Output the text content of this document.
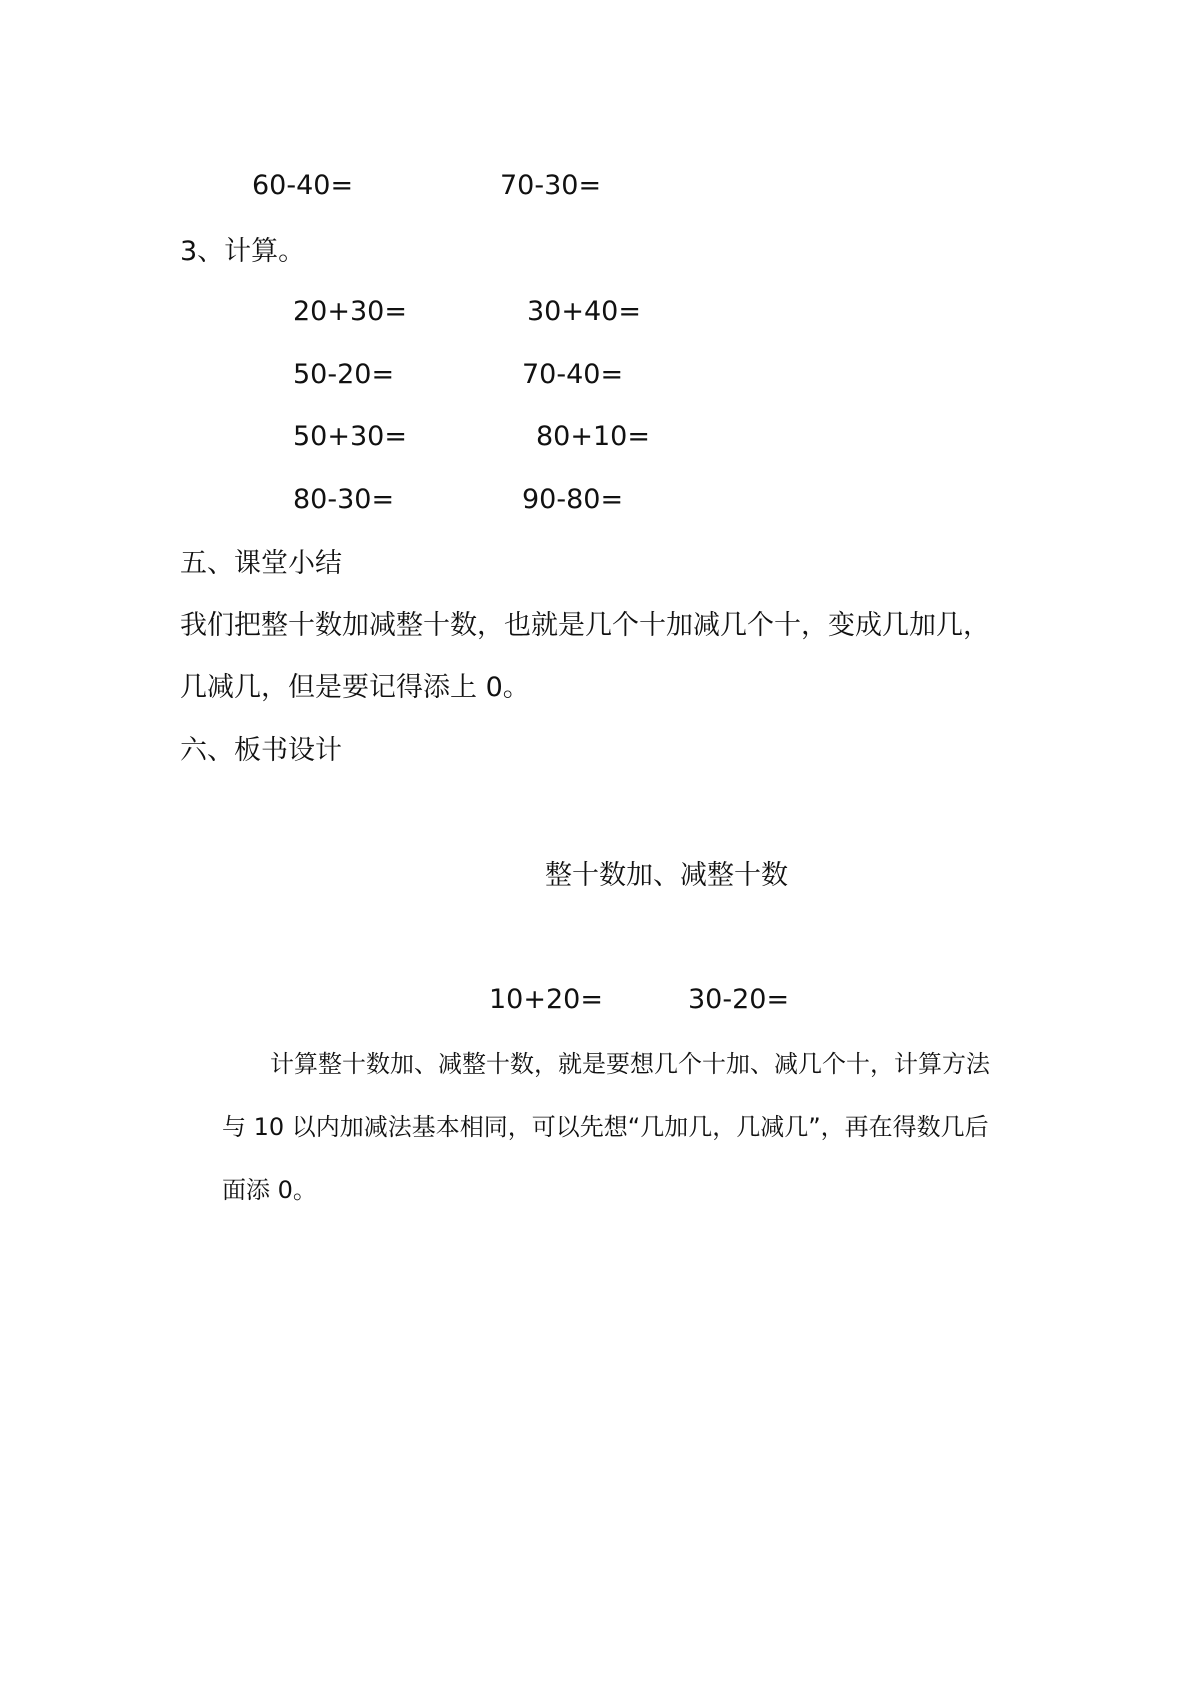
60-40=	70-30=
3、计算。
20+30=	30+40=
50-20=	70-40=
50+30=	80+10=
80-30=	90-80=
五、课堂小结
我们把整十数加减整十数，也就是几个十加减几个十，变成几加几，
几减几，但是要记得添上 0。
六、板书设计
整十数加、减整十数
10+20=	30-20=
计算整十数加、减整十数，就是要想几个十加、减几个十，计算方法
与 10 以内加减法基本相同，可以先想“几加几，几减几”，再在得数几后
面添 0。
